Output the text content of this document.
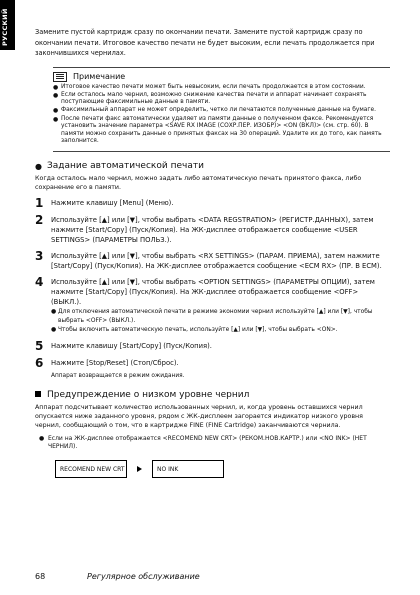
РУССКИЙ	Замените пустой картридж сразу по окончании печати. Замените пустой картридж сразу по окончании печати. Итоговое качество печати не будет высоким, если печать продолжается при закончившихся чернилах.

Примечание
● Итоговое качество печати может быть невысоким, если печать продолжается в этом состоянии.
● Если осталось мало чернил, возможно снижение качества печати и аппарат начинает сохранять поступающие факсимильные данные в памяти.
● Факсимильный аппарат не может определить, четко ли печатаются полученные данные на бумаге.
● После печати факс автоматически удаляет из памяти данные о полученном факсе. Рекомендуется установить значение параметра <SAVE RX IMAGE (СОХР.ПЕР. ИЗОБР)> <ON (ВКЛ)> (см. стр. 60). В памяти можно сохранить данные о принятых факсах на 30 операций. Удалите их до того, как память заполнится.
● Задание автоматической печати

Когда осталось мало чернил, можно задать либо автоматическую печать принятого факса, либо сохранение его в памяти.

1	Нажмите клавишу [Menu] (Меню).
2	Используйте [▲] или [▼], чтобы выбрать <DATA REGSTRATION> (РЕГИСТР.ДАННЫХ), затем нажмите [Start/Copy] (Пуск/Копия). На ЖК-дисплее отображается сообщение <USER SETTINGS> (ПАРАМЕТРЫ ПОЛЬЗ.).
3	Используйте [▲] или [▼], чтобы выбрать <RX SETTINGS> (ПАРАМ. ПРИЕМА), затем нажмите [Start/Copy] (Пуск/Копия). На ЖК-дисплее отображается сообщение <ECM RX> (ПР. В ЕСМ).
4	Используйте [▲] или [▼], чтобы выбрать <OPTION SETTINGS> (ПАРАМЕТРЫ ОПЦИИ), затем нажмите [Start/Copy] (Пуск/Копия). На ЖК-дисплее отображается сообщение <OFF> (ВЫКЛ.).
● Для отключения автоматической печати в режиме экономии чернил используйте [▲] или [▼], чтобы выбрать <OFF> (ВЫКЛ.).
● Чтобы включить автоматическую печать, используйте [▲] или [▼], чтобы выбрать <ON>.
5	Нажмите клавишу [Start/Copy] (Пуск/Копия).
6	Нажмите [Stop/Reset] (Стоп/Сброс).
Аппарат возвращается в режим ожидания.
Предупреждение о низком уровне чернил

Аппарат подсчитывает количество использованных чернил, и, когда уровень оставшихся чернил опускается ниже заданного уровня, рядом с ЖК-дисплеем загорается индикатор низкого уровня чернил, сообщающий о том, что в картридже FINE (FINE Cartridge) заканчиваются чернила.

● Если на ЖК-дисплее отображается <RECOMEND NEW CRT> (РЕКОМ.НОВ.КАРТР.) или <NO INK> (НЕТ ЧЕРНИЛ).
RECOMEND NEW CRT	NO INK
68	Регулярное обслуживание
